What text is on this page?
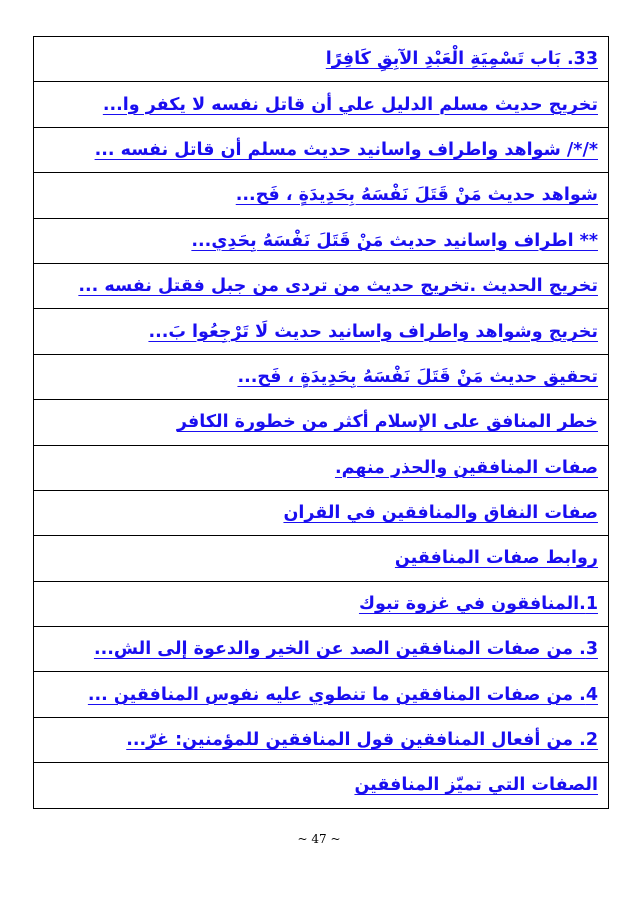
33. بَاب تَسْمِيَةِ الْعَبْدِ الآبِقِ كَافِرًا
تخريج حديث مسلم الدليل علي أن قاتل نفسه لا يكفر وا...
*/*/ شواهد واطراف واسانيد حديث مسلم أن قاتل نفسه ...
شواهد حديث مَنْ قَتَلَ نَفْسَهُ بِحَدِيدَةٍ ، فَح...
** اطراف واسانيد حديث مَنْ قَتَلَ نَفْسَهُ بِحَدِي...
تخريج الحديث .تخريج حديث من تردى من جبل فقتل نفسه ...
تخريج وشواهد واطراف واسانيد حديث لَا تَرْجِعُوا بَ...
تحقيق حديث مَنْ قَتَلَ نَفْسَهُ بِحَدِيدَةٍ ، فَح...
خطر المنافق على الإسلام أكثر من خطورة الكافر
صفات المنافقين والحذر منهم.
صفات النفاق والمنافقين في القران
روابط صفات المنافقين
1.المنافقون في غزوة تبوك
3. من صفات المنافقين الصد عن الخير والدعوة إلى الش...
4. من صفات المنافقين ما تنطوي عليه نفوس المنافقين ...
2. من أفعال المنافقين قول المنافقين للمؤمنين: غرّ...
الصفات التي تميّز المنافقين
~ 47 ~
